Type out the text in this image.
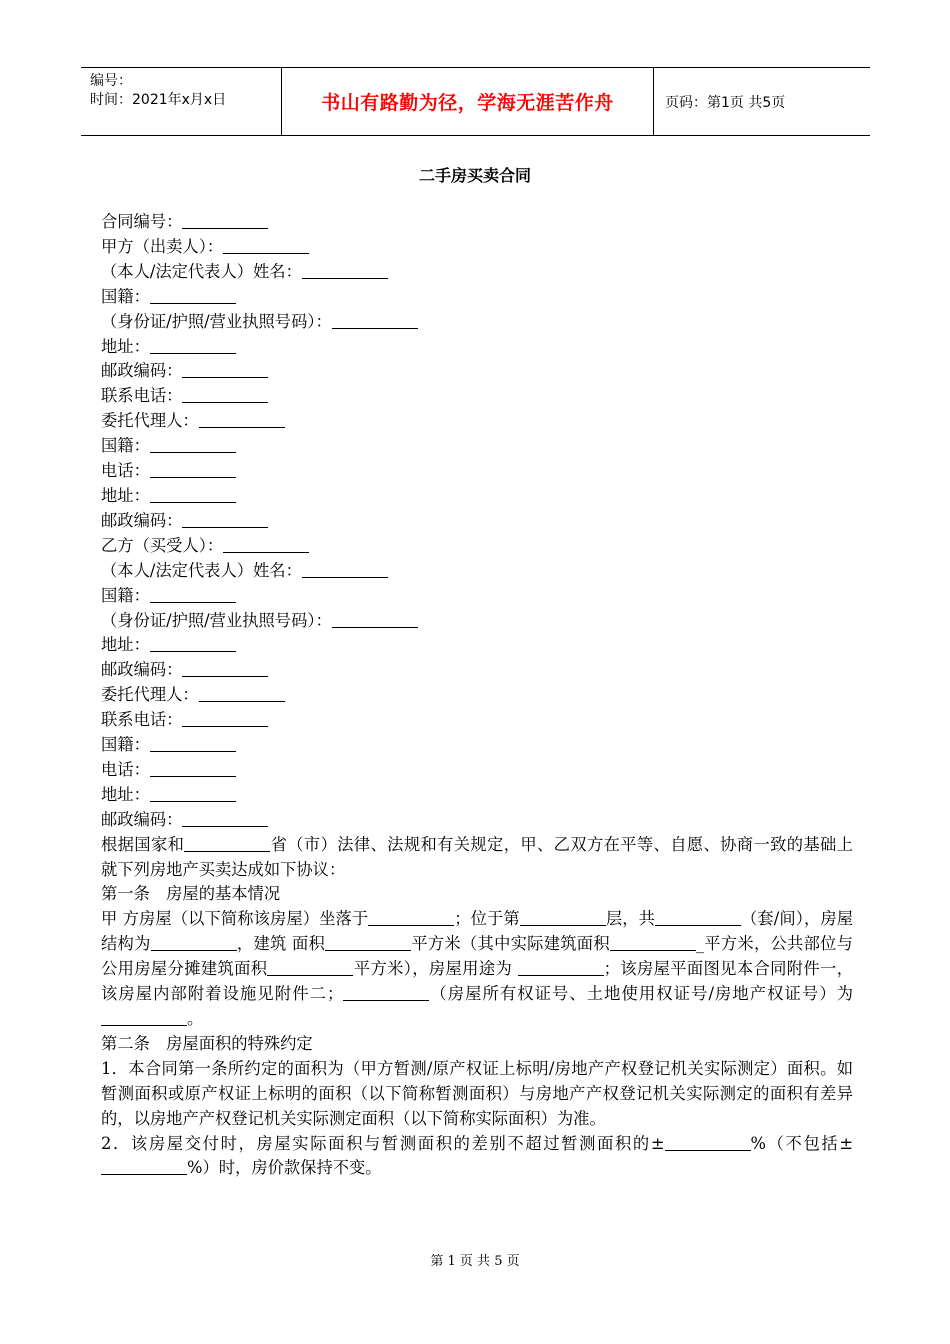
编号：
时间：2021年x月x日	书山有路勤为径，学海无涯苦作舟	页码：第1页 共5页
二手房买卖合同
合同编号：
甲方（出卖人）：
（本人/法定代表人）姓名：
国籍：
（身份证/护照/营业执照号码）：
地址：
邮政编码：
联系电话：
委托代理人：
国籍：
电话：
地址：
邮政编码：
乙方（买受人）：
（本人/法定代表人）姓名：
国籍：
（身份证/护照/营业执照号码）：
地址：
邮政编码：
委托代理人：
联系电话：
国籍：
电话：
地址：
邮政编码：
根据国家和	省（市）法律、法规和有关规定，甲、乙双方在平等、自愿、协商一致的基础上就下列房地产买卖达成如下协议：
第一条　房屋的基本情况
甲 方房屋（以下简称该房屋）坐落于	；位于第	层，共	（套/间），房屋结构为	，建筑 面积	平方米（其中实际建筑面积	_平方米，公共部位与公用房屋分摊建筑面积	平方米），房屋用途为	；该房屋平面图见本合同附件一，该房屋内部附着设施见附件二；	（房屋所有权证号、土地使用权证号/房地产权证号）为 。
第二条　房屋面积的特殊约定
1．本合同第一条所约定的面积为（甲方暂测/原产权证上标明/房地产产权登记机关实际测定）面积。如暂测面积或原产权证上标明的面积（以下简称暂测面积）与房地产产权登记机关实际测定的面积有差异的，以房地产产权登记机关实际测定面积（以下简称实际面积）为准。
2．该房屋交付时，房屋实际面积与暂测面积的差别不超过暂测面积的±	%（不包括±%）时，房价款保持不变。
第 1 页 共 5 页
